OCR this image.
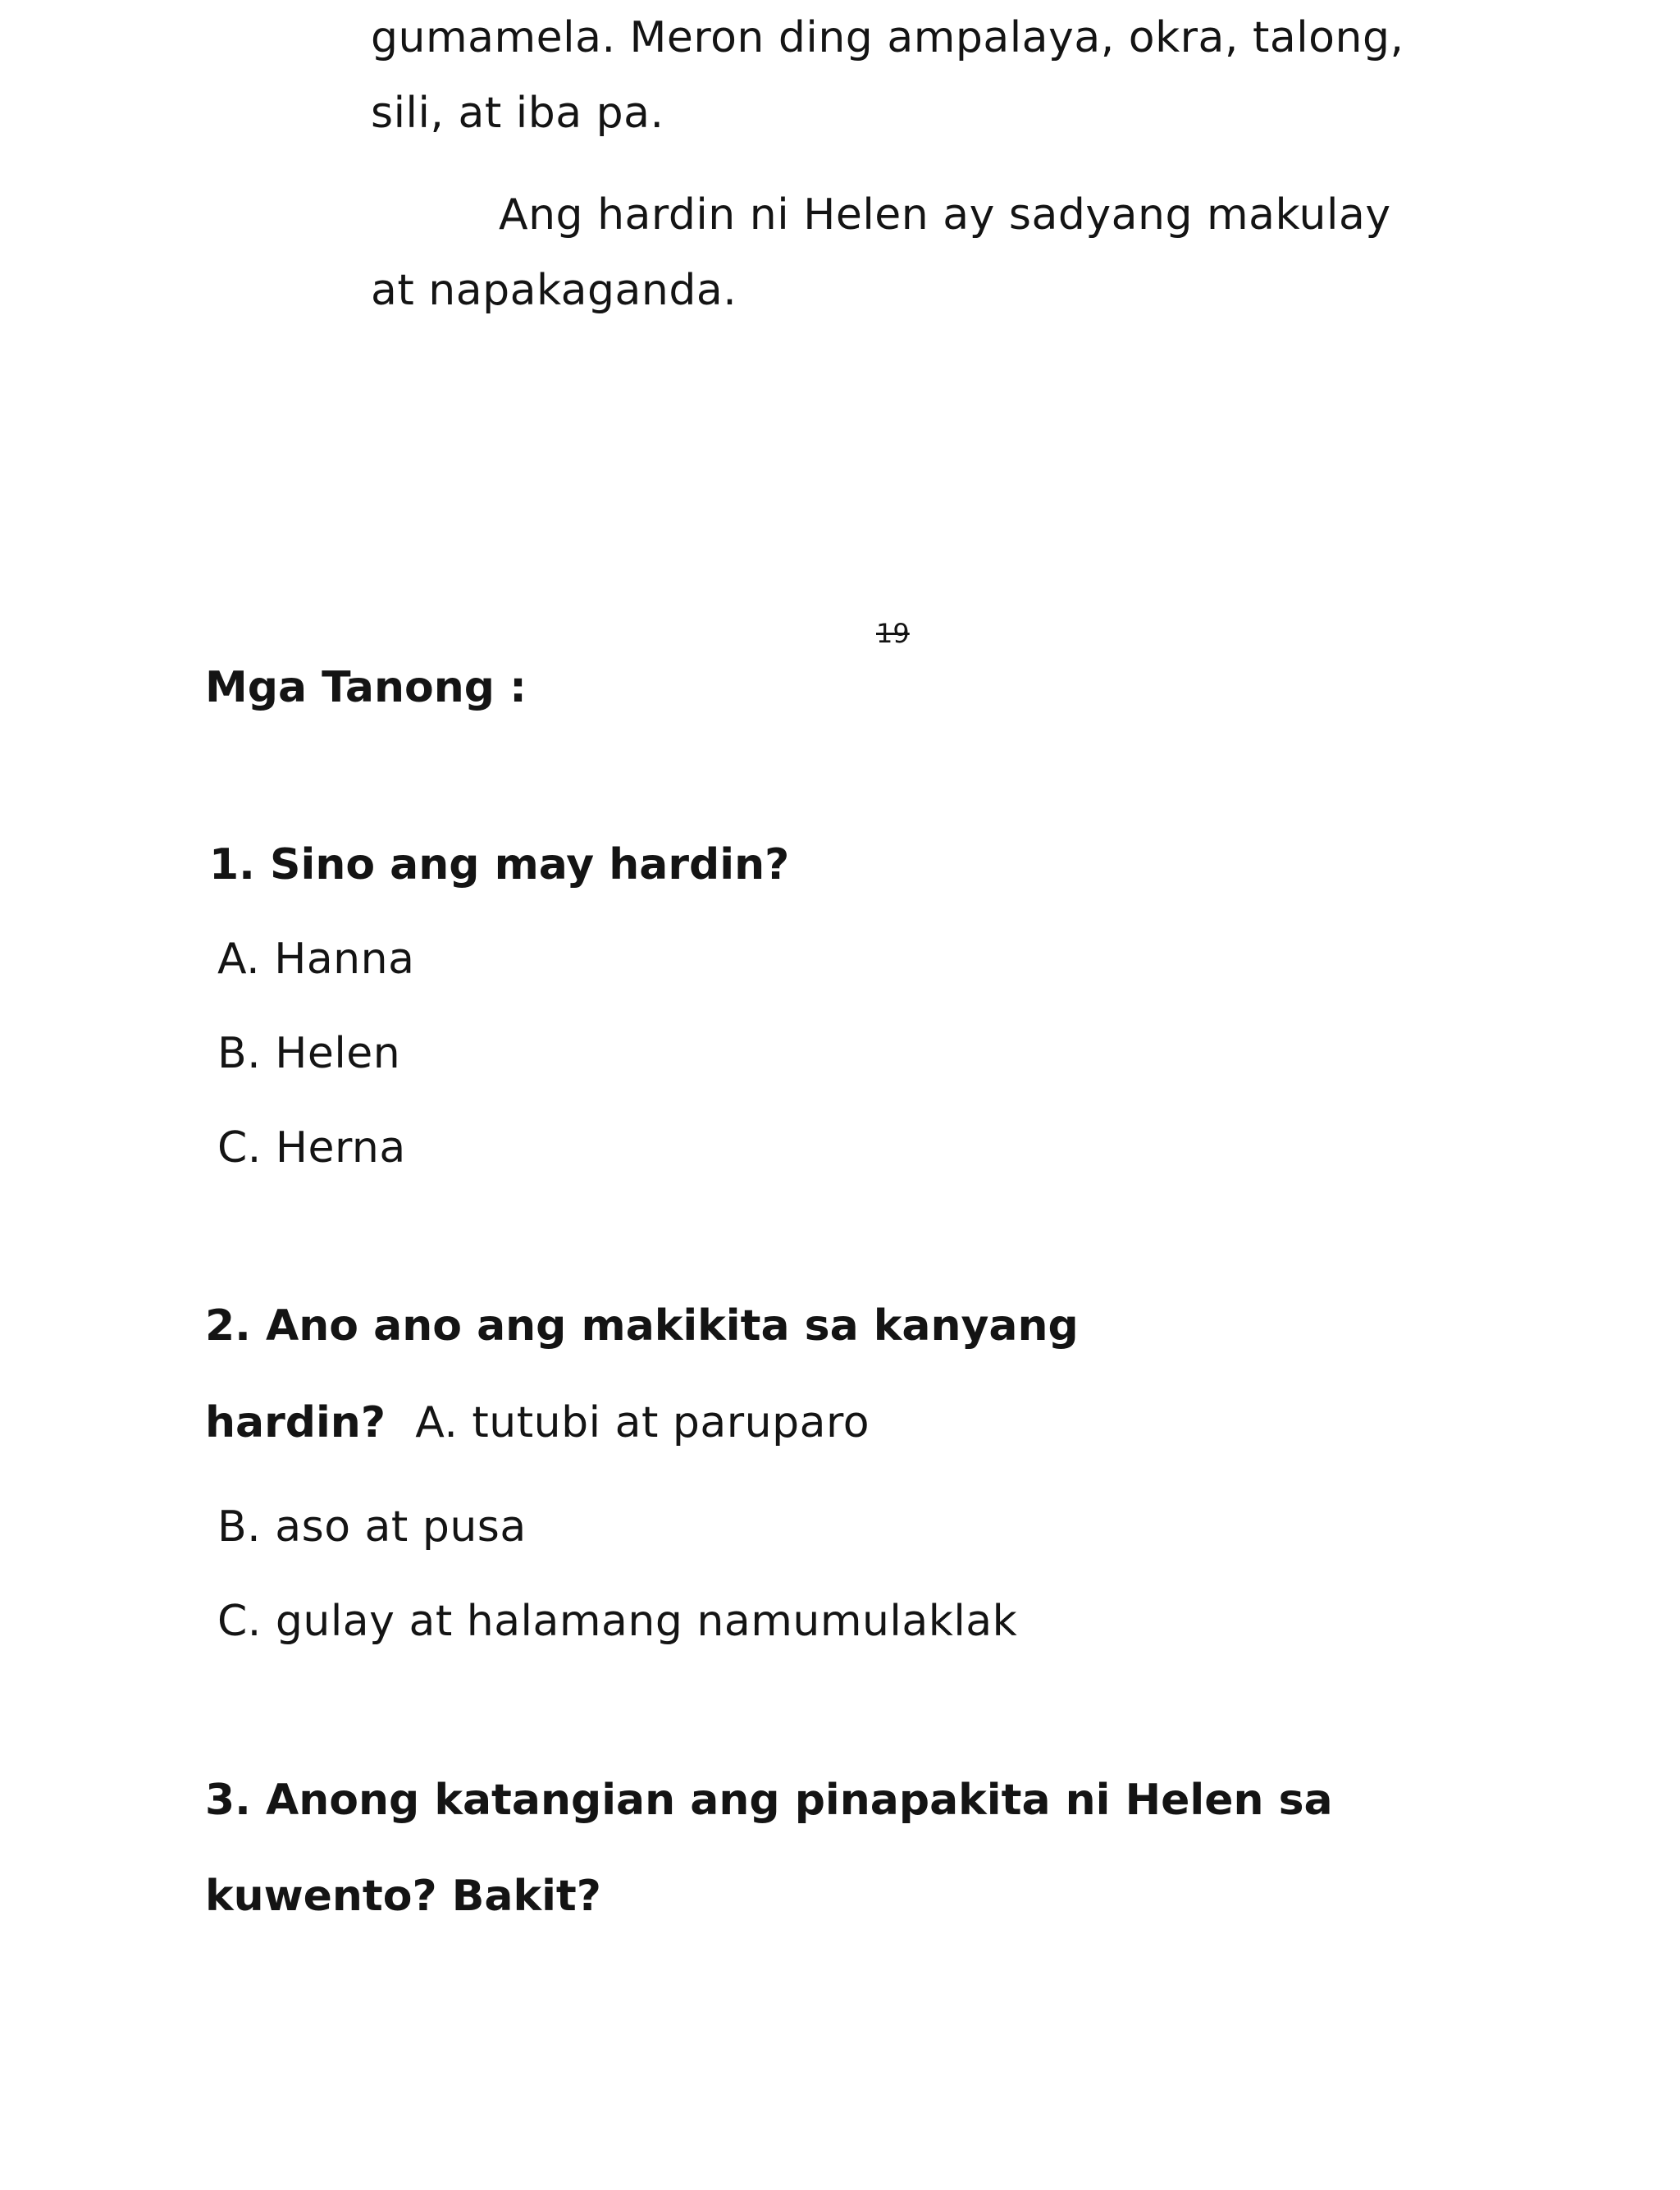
gumamela. Meron ding ampalaya, okra, talong,
sili, at iba pa.
Ang hardin ni Helen ay sadyang makulay
at napakaganda.
19
Mga Tanong :
1. Sino ang may hardin?
A. Hanna
B. Helen
C. Herna
2. Ano ano ang makikita sa kanyang
hardin? A. tutubi at paruparo
B. aso at pusa
C. gulay at halamang namumulaklak
3. Anong katangian ang pinapakita ni Helen sa
kuwento? Bakit?
